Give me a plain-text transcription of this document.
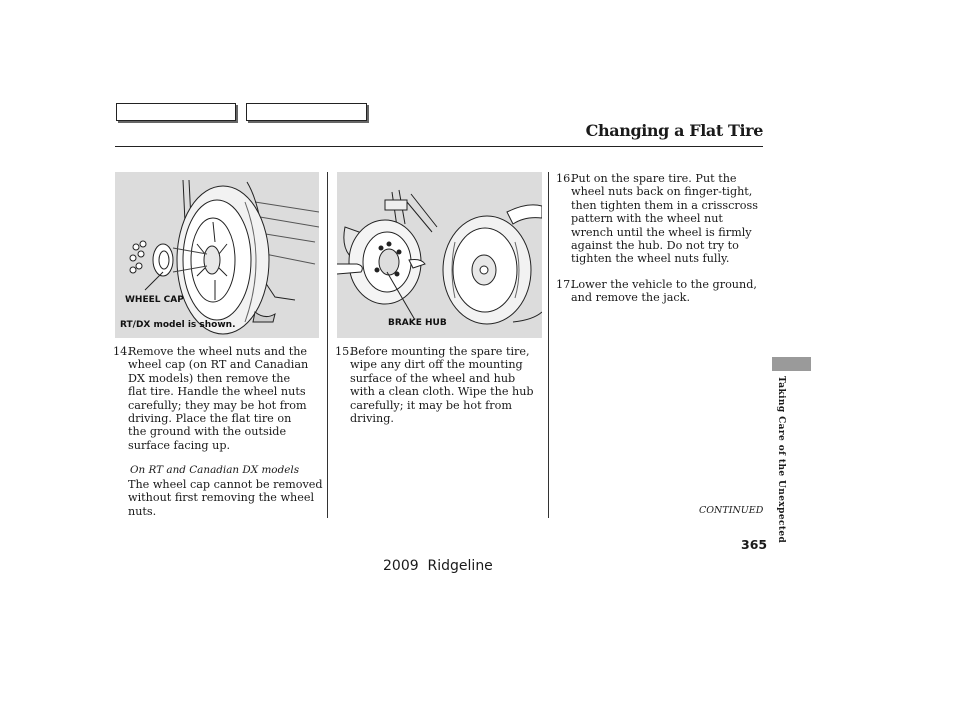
Changing a Flat Tire
WHEEL CAP
RT/DX model is shown.	BRAKE HUB
14.
Remove the wheel nuts and the wheel cap (on RT and Canadian DX models) then remove the flat tire. Handle the wheel nuts carefully; they may be hot from driving. Place the flat tire on the ground with the outside surface facing up.
On RT and Canadian DX models
The wheel cap cannot be removed without first removing the wheel nuts.
15.
Before mounting the spare tire, wipe any dirt off the mounting surface of the wheel and hub with a clean cloth. Wipe the hub carefully; it may be hot from driving.
16.
Put on the spare tire. Put the wheel nuts back on finger-tight, then tighten them in a crisscross pattern with the wheel nut wrench until the wheel is firmly against the hub. Do not try to tighten the wheel nuts fully.
17.
Lower the vehicle to the ground, and remove the jack.
CONTINUED	Taking Care of the Unexpected
365
2009  Ridgeline
